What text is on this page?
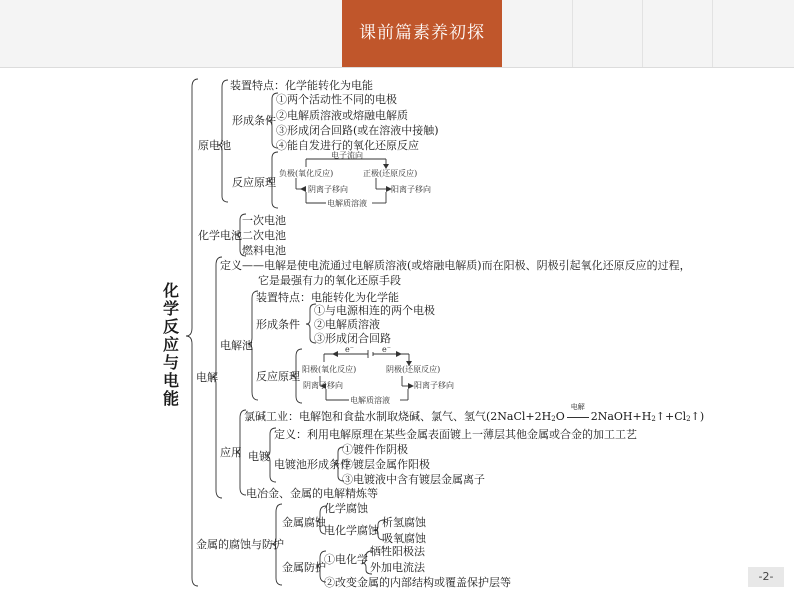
课前篇素养初探
化学反应与电能
原电池
装置特点：化学能转化为电能
形成条件
①两个活动性不同的电极
②电解质溶液或熔融电解质
③形成闭合回路(或在溶液中接触)
④能自发进行的氧化还原反应
反应原理
电子流向
负极(氧化反应)	正极(还原反应)
阴离子移向	阳离子移向
电解质溶液
化学电池
一次电池
二次电池
燃料电池
电解
定义——电解是使电流通过电解质溶液(或熔融电解质)而在阳极、阴极引起氧化还原反应的过程，
它是最强有力的氧化还原手段
电解池
装置特点：电能转化为化学能
形成条件
①与电源相连的两个电极
②电解质溶液
③形成闭合回路
反应原理
e⁻	e⁻
阳极(氧化反应)	阴极(还原反应)
阴离子移向	阳离子移向
电解质溶液
应用
氯碱工业：电解饱和食盐水制取烧碱、氯气、氢气(2NaCl+2H2O
电解
2NaOH+H2↑+Cl2↑)
电镀
定义：利用电解原理在某些金属表面镀上一薄层其他金属或合金的加工工艺
电镀池形成条件
①镀件作阴极
②镀层金属作阳极
③电镀液中含有镀层金属离子
电冶金、金属的电解精炼等
金属的腐蚀与防护
金属腐蚀
化学腐蚀
电化学腐蚀
析氢腐蚀
吸氧腐蚀
金属防护
①电化学
牺牲阳极法
外加电流法
②改变金属的内部结构或覆盖保护层等	-2-
